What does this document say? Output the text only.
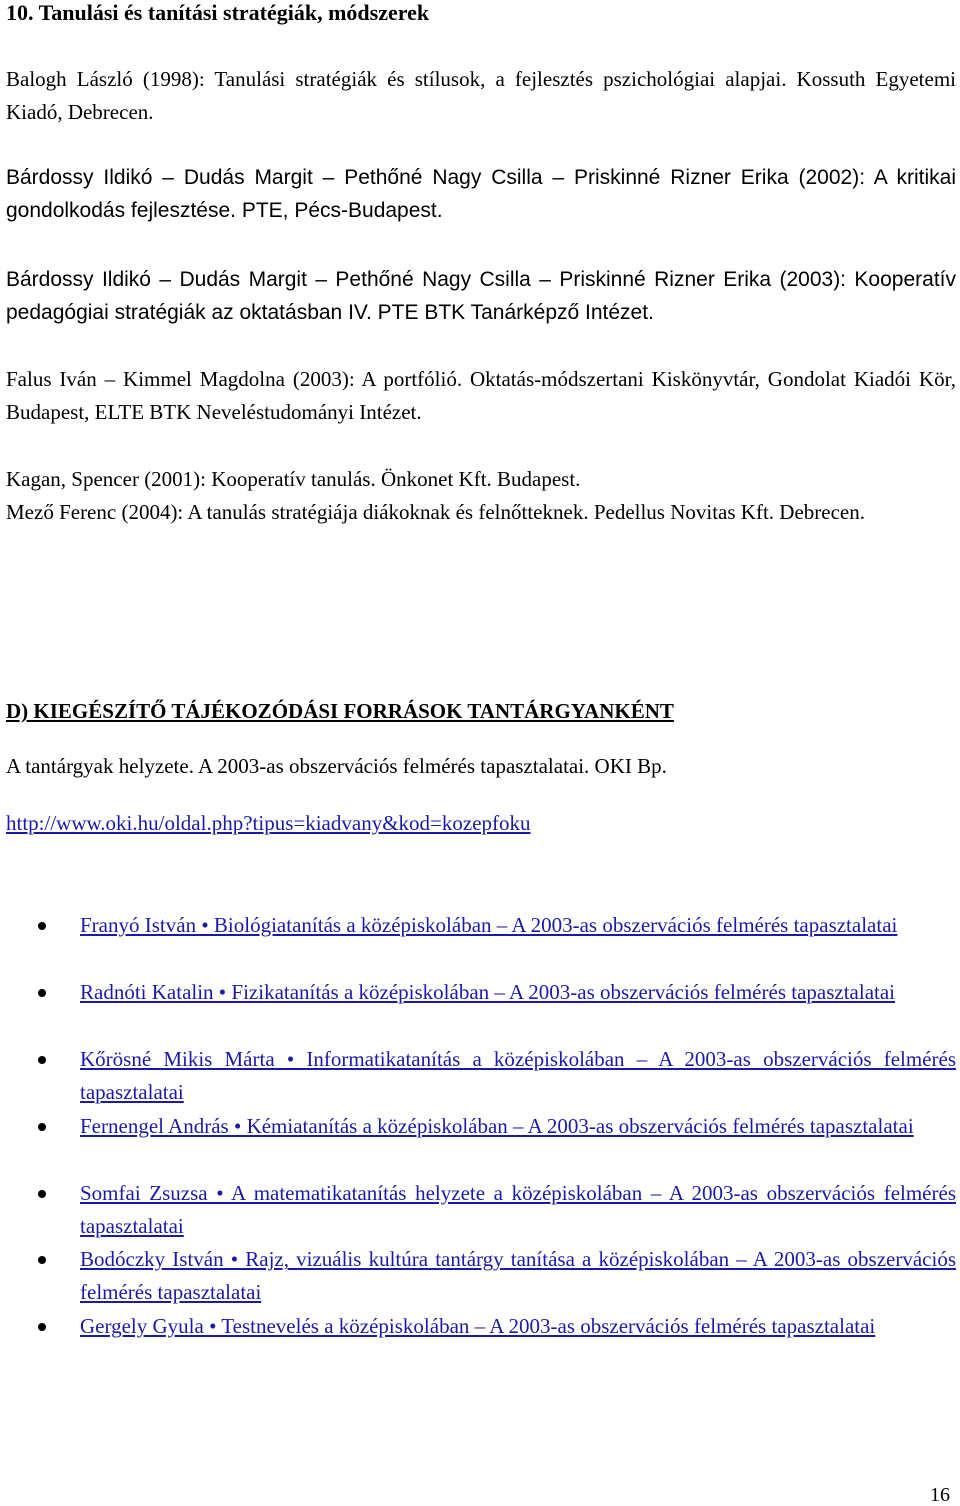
10. Tanulási és tanítási stratégiák, módszerek

Balogh László (1998): Tanulási stratégiák és stílusok, a fejlesztés pszichológiai alapjai. Kossuth Egyetemi Kiadó, Debrecen.

Bárdossy Ildikó – Dudás Margit – Pethőné Nagy Csilla – Priskinné Rizner Erika (2002): A kritikai gondolkodás fejlesztése. PTE, Pécs-Budapest.

Bárdossy Ildikó – Dudás Margit – Pethőné Nagy Csilla – Priskinné Rizner Erika (2003): Kooperatív pedagógiai stratégiák az oktatásban IV. PTE BTK Tanárképző Intézet.

Falus Iván – Kimmel Magdolna (2003): A portfólió. Oktatás-módszertani Kiskönyvtár, Gondolat Kiadói Kör, Budapest, ELTE BTK Neveléstudományi Intézet.

Kagan, Spencer (2001): Kooperatív tanulás. Önkonet Kft. Budapest.

Mező Ferenc (2004): A tanulás stratégiája diákoknak és felnőtteknek. Pedellus Novitas Kft. Debrecen.

D) KIEGÉSZÍTŐ TÁJÉKOZÓDÁSI FORRÁSOK TANTÁRGYANKÉNT

A tantárgyak helyzete. A 2003-as obszervációs felmérés tapasztalatai. OKI Bp.

http://www.oki.hu/oldal.php?tipus=kiadvany&kod=kozepfoku
Franyó István • Biológiatanítás a középiskolában – A 2003-as obszervációs felmérés tapasztalatai
Radnóti Katalin • Fizikatanítás a középiskolában – A 2003-as obszervációs felmérés tapasztalatai
Kőrösné Mikis Márta • Informatikatanítás a középiskolában – A 2003-as obszervációs felmérés tapasztalatai
Fernengel András • Kémiatanítás a középiskolában – A 2003-as obszervációs felmérés tapasztalatai
Somfai Zsuzsa • A matematikatanítás helyzete a középiskolában – A 2003-as obszervációs felmérés tapasztalatai
Bodóczky István • Rajz, vizuális kultúra tantárgy tanítása a középiskolában – A 2003-as obszervációs felmérés tapasztalatai
Gergely Gyula • Testnevelés a középiskolában – A 2003-as obszervációs felmérés tapasztalatai
16
